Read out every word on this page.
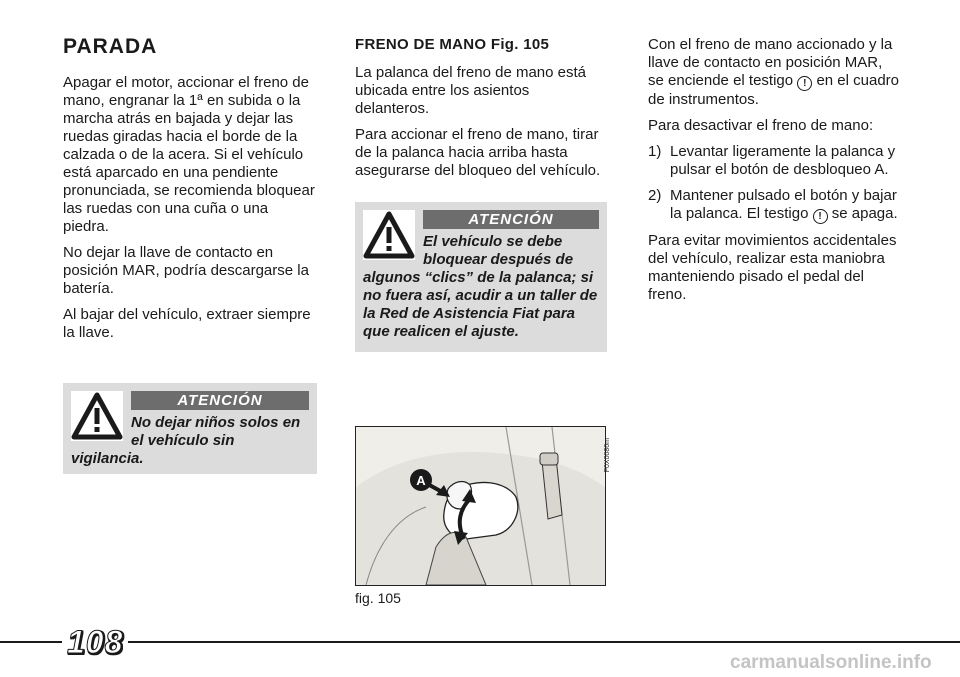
PARADA

Apagar el motor, accionar el freno de mano, engranar la 1ª en subida o la marcha atrás en bajada y dejar las ruedas giradas hacia el borde de la calzada o de la acera. Si el vehículo está aparcado en una pendiente pronunciada, se recomienda bloquear las ruedas con una cuña o una piedra.

No dejar la llave de contacto en posición MAR, podría descargarse la batería.

Al bajar del vehículo, extraer siempre la llave.

ATENCIÓN
No dejar niños solos en el vehículo sin vigilancia.
FRENO DE MANO Fig. 105

La palanca del freno de mano está ubicada entre los asientos delanteros.

Para accionar el freno de mano, tirar de la palanca hacia arriba hasta asegurarse del bloqueo del vehículo.

ATENCIÓN
El vehículo se debe bloquear después de algunos “clics” de la palanca; si no fuera así, acudir a un taller de la Red de Asistencia Fiat para que realicen el ajuste.
A
F0X0086m
fig. 105

Con el freno de mano accionado y la llave de contacto en posición MAR, se enciende el testigo ! en el cuadro de instrumentos.

Para desactivar el freno de mano:

1) Levantar ligeramente la palanca y pulsar el botón de desbloqueo A.
2) Mantener pulsado el botón y bajar la palanca. El testigo ! se apaga.

Para evitar movimientos accidentales del vehículo, realizar esta maniobra manteniendo pisado el pedal del freno.

108
carmanualsonline.info
